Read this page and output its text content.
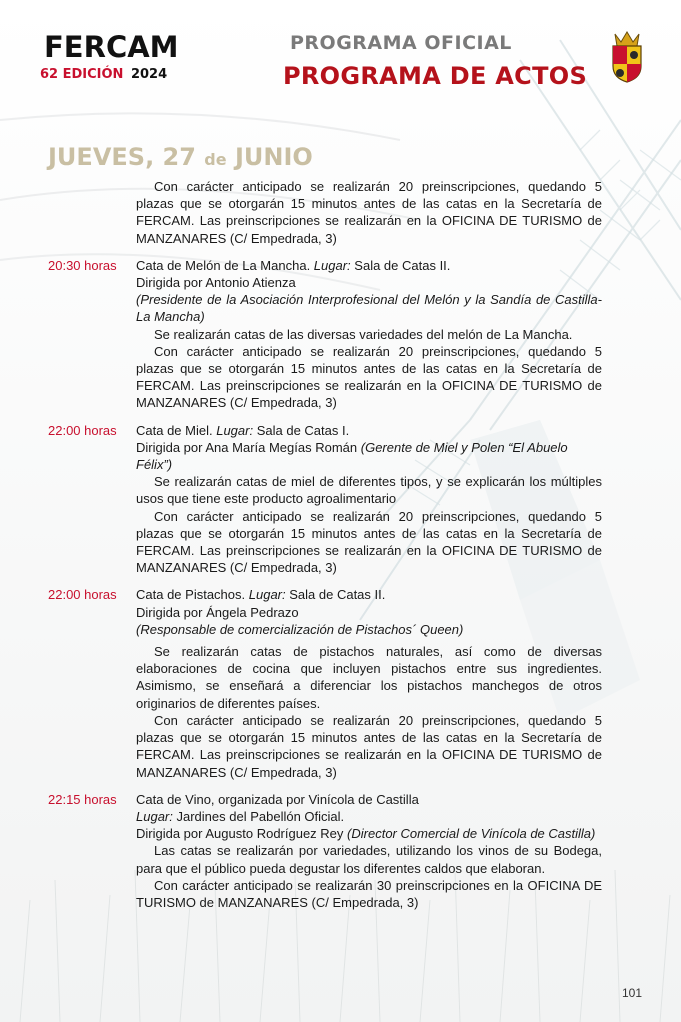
FERCAM
62 EDICIÓN 2024
PROGRAMA OFICIAL
PROGRAMA DE ACTOS
JUEVES, 27 de JUNIO

Con carácter anticipado se realizarán 20 preinscripciones, quedando 5 plazas que se otorgarán 15 minutos antes de las catas en la Secretaría de FERCAM. Las preinscripciones se realizarán en la OFICINA DE TURISMO de MANZANARES (C/ Empedrada, 3)

20:30 horas Cata de Melón de La Mancha. Lugar: Sala de Catas II.

Dirigida por Antonio Atienza

(Presidente de la Asociación Interprofesional del Melón y la Sandía de Castilla-La Mancha)

Se realizarán catas de las diversas variedades del melón de La Mancha.

Con carácter anticipado se realizarán 20 preinscripciones, quedando 5 plazas que se otorgarán 15 minutos antes de las catas en la Secretaría de FERCAM. Las preinscripciones se realizarán en la OFICINA DE TURISMO de MANZANARES (C/ Empedrada, 3)

22:00 horas Cata de Miel. Lugar: Sala de Catas I.

Dirigida por Ana María Megías Román (Gerente de Miel y Polen “El Abuelo Félix”)

Se realizarán catas de miel de diferentes tipos, y se explicarán los múltiples usos que tiene este producto agroalimentario

Con carácter anticipado se realizarán 20 preinscripciones, quedando 5 plazas que se otorgarán 15 minutos antes de las catas en la Secretaría de FERCAM. Las preinscripciones se realizarán en la OFICINA DE TURISMO de MANZANARES (C/ Empedrada, 3)

22:00 horas Cata de Pistachos. Lugar: Sala de Catas II.

Dirigida por Ángela Pedrazo

(Responsable de comercialización de Pistachos´ Queen)

Se realizarán catas de pistachos naturales, así como de diversas elaboraciones de cocina que incluyen pistachos entre sus ingredientes. Asimismo, se enseñará a diferenciar los pistachos manchegos de otros originarios de diferentes países.

Con carácter anticipado se realizarán 20 preinscripciones, quedando 5 plazas que se otorgarán 15 minutos antes de las catas en la Secretaría de FERCAM. Las preinscripciones se realizarán en la OFICINA DE TURISMO de MANZANARES (C/ Empedrada, 3)

22:15 horas Cata de Vino, organizada por Vinícola de Castilla

Lugar: Jardines del Pabellón Oficial.

Dirigida por Augusto Rodríguez Rey (Director Comercial de Vinícola de Castilla)

Las catas se realizarán por variedades, utilizando los vinos de su Bodega, para que el público pueda degustar los diferentes caldos que elaboran.

Con carácter anticipado se realizarán 30 preinscripciones en la OFICINA DE TURISMO de MANZANARES (C/ Empedrada, 3)

101
